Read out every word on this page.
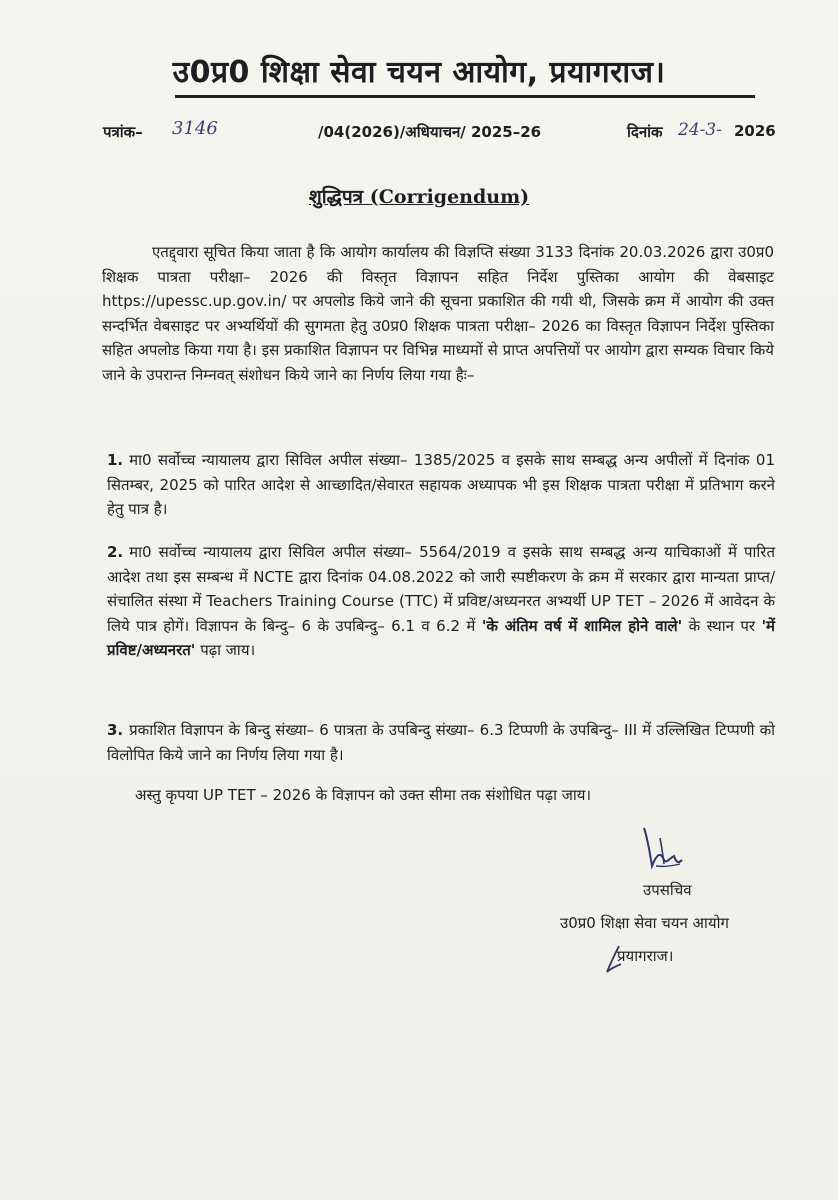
उ0प्र0 शिक्षा सेवा चयन आयोग, प्रयागराज।
पत्रांक– 3146	/04(2026)/अधियाचन/ 2025–26	दिनांक 24-3- 2026
शुद्धिपत्र (Corrigendum)
एतद्द्वारा सूचित किया जाता है कि आयोग कार्यालय की विज्ञप्ति संख्या 3133 दिनांक 20.03.2026 द्वारा उ0प्र0 शिक्षक पात्रता परीक्षा– 2026 की विस्तृत विज्ञापन सहित निर्देश पुस्तिका आयोग की वेबसाइट https://upessc.up.gov.in/ पर अपलोड किये जाने की सूचना प्रकाशित की गयी थी, जिसके क्रम में आयोग की उक्त सन्दर्भित वेबसाइट पर अभ्यर्थियों की सुगमता हेतु उ0प्र0 शिक्षक पात्रता परीक्षा– 2026 का विस्तृत विज्ञापन निर्देश पुस्तिका सहित अपलोड किया गया है। इस प्रकाशित विज्ञापन पर विभिन्न माध्यमों से प्राप्त अपत्तियों पर आयोग द्वारा सम्यक विचार किये जाने के उपरान्त निम्नवत् संशोधन किये जाने का निर्णय लिया गया हैः–
1. मा0 सर्वोच्च न्यायालय द्वारा सिविल अपील संख्या– 1385/2025 व इसके साथ सम्बद्ध अन्य अपीलों में दिनांक 01 सितम्बर, 2025 को पारित आदेश से आच्छादित/सेवारत सहायक अध्यापक भी इस शिक्षक पात्रता परीक्षा में प्रतिभाग करने हेतु पात्र है।
2. मा0 सर्वोच्च न्यायालय द्वारा सिविल अपील संख्या– 5564/2019 व इसके साथ सम्बद्ध अन्य याचिकाओं में पारित आदेश तथा इस सम्बन्ध में NCTE द्वारा दिनांक 04.08.2022 को जारी स्पष्टीकरण के क्रम में सरकार द्वारा मान्यता प्राप्त/संचालित संस्था में Teachers Training Course (TTC) में प्रविष्ट/अध्यनरत अभ्यर्थी UP TET – 2026 में आवेदन के लिये पात्र होगें। विज्ञापन के बिन्दु– 6 के उपबिन्दु– 6.1 व 6.2 में 'के अंतिम वर्ष में शामिल होने वाले' के स्थान पर 'में प्रविष्ट/अध्यनरत' पढ़ा जाय।
3. प्रकाशित विज्ञापन के बिन्दु संख्या– 6 पात्रता के उपबिन्दु संख्या– 6.3 टिप्पणी के उपबिन्दु– III में उल्लिखित टिप्पणी को विलोपित किये जाने का निर्णय लिया गया है।
अस्तु कृपया UP TET – 2026 के विज्ञापन को उक्त सीमा तक संशोधित पढ़ा जाय।
उपसचिव
उ0प्र0 शिक्षा सेवा चयन आयोग
प्रयागराज।
